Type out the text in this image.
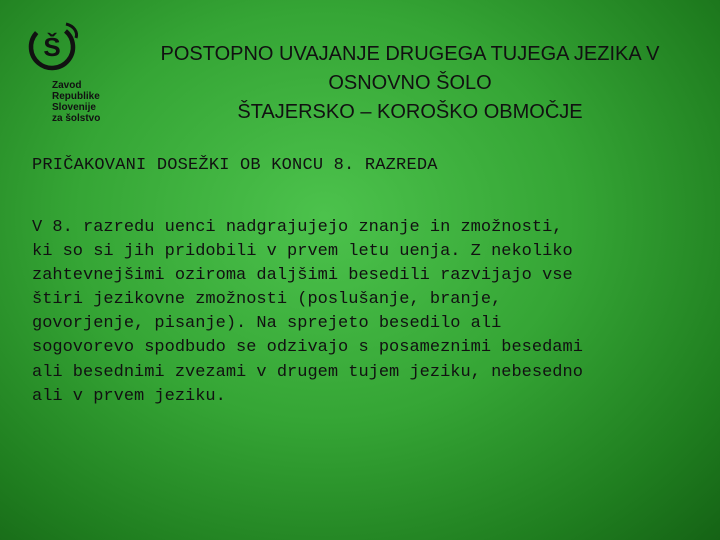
Š
Zavod
Republike
Slovenije
za šolstvo
POSTOPNO UVAJANJE DRUGEGA TUJEGA JEZIKA V
OSNOVNO ŠOLO
ŠTAJERSKO – KOROŠKO OBMOČJE
PRIČAKOVANI DOSEŽKI OB KONCU 8. RAZREDA
V 8. razredu uenci nadgrajujejo znanje in zmožnosti,
ki so si jih pridobili v prvem letu uenja. Z nekoliko
zahtevnejšimi oziroma daljšimi besedili razvijajo vse
štiri jezikovne zmožnosti (poslušanje, branje,
govorjenje, pisanje). Na sprejeto besedilo ali
sogovorevo spodbudo se odzivajo s posameznimi besedami
ali besednimi zvezami v drugem tujem jeziku, nebesedno
ali v prvem jeziku.
